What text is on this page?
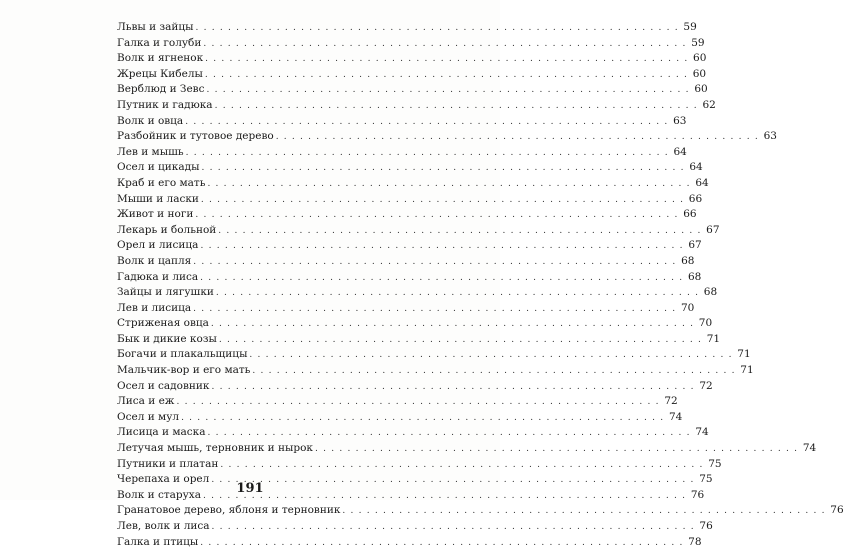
Львы и зайцы . . .	59
Галка и голуби . . .	59
Волк и ягненок . . .	60
Жрецы Кибелы . . .	60
Верблюд и Зевс . . .	60
Путник и гадюка . . .	62
Волк и овца . . .	63
Разбойник и тутовое дерево . . .	63
Лев и мышь . . .	64
Осел и цикады . . .	64
Краб и его мать . . .	64
Мыши и ласки . . .	66
Живот и ноги . . .	66
Лекарь и больной . . .	67
Орел и лисица . . .	67
Волк и цапля . . .	68
Гадюка и лиса . . .	68
Зайцы и лягушки . . .	68
Лев и лисица . . .	70
Стриженая овца . . .	70
Бык и дикие козы . . .	71
Богачи и плакальщицы . . .	71
Мальчик-вор и его мать . . .	71
Осел и садовник . . .	72
Лиса и еж . . .	72
Осел и мул . . .	74
Лисица и маска . . .	74
Летучая мышь, терновник и нырок . . .	74
Путники и платан . . .	75
Черепаха и орел . . .	75
Волк и старуха . . .	76
Гранатовое дерево, яблоня и терновник . . .	76
Лев, волк и лиса . . .	76
Галка и птицы . . .	78
191
